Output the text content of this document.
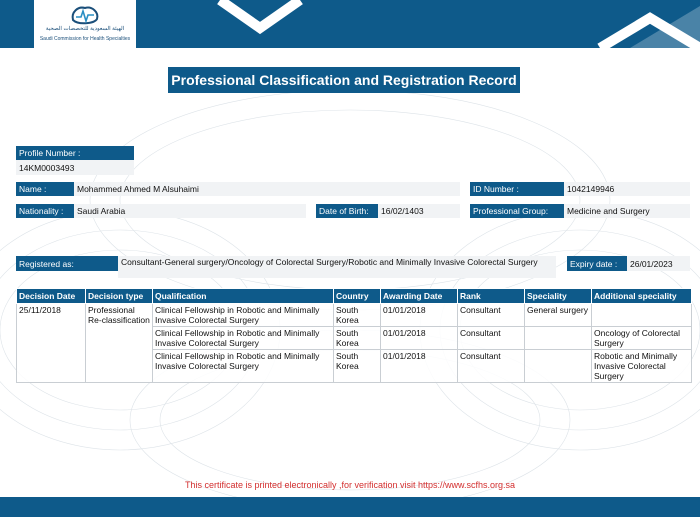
الهيئة السعودية للتخصصات الصحية
Saudi Commission for Health Specialties
Professional Classification and Registration Record
Profile Number :
14KM0003493
Name :	Mohammed Ahmed M Alsuhaimi	ID Number :	1042149946
Nationality :	Saudi Arabia	Date of Birth:	16/02/1403	Professional Group:	Medicine and Surgery
Registered as:	Consultant-General surgery/Oncology of Colorectal Surgery/Robotic and Minimally Invasive Colorectal Surgery	Expiry date :	26/01/2023
Decision Date	Decision type	Qualification	Country	Awarding Date	Rank	Speciality	Additional speciality
25/11/2018	Professional Re-classification	Clinical Fellowship in Robotic and Minimally Invasive Colorectal Surgery	South Korea	01/01/2018	Consultant	General surgery	
		Clinical Fellowship in Robotic and Minimally Invasive Colorectal Surgery	South Korea	01/01/2018	Consultant		Oncology of Colorectal Surgery
		Clinical Fellowship in Robotic and Minimally Invasive Colorectal Surgery	South Korea	01/01/2018	Consultant		Robotic and Minimally Invasive Colorectal Surgery
This certificate is printed electronically ,for verification visit https://www.scfhs.org.sa
